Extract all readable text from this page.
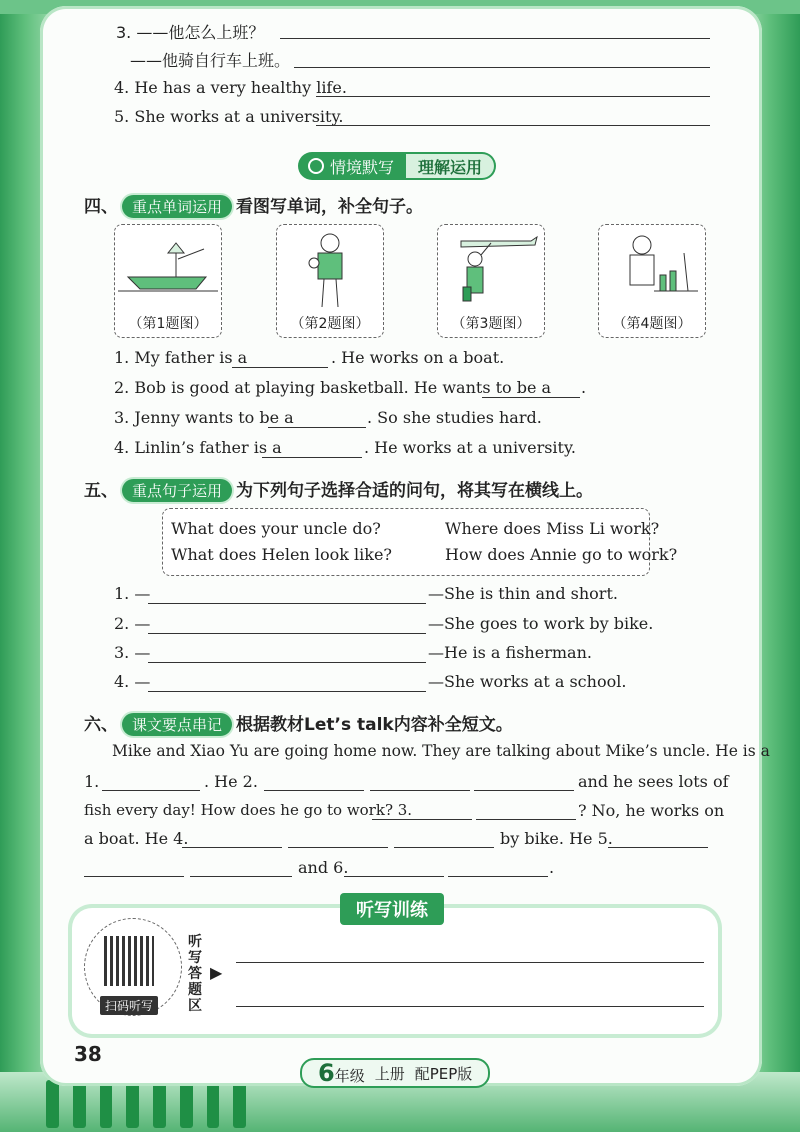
3. ——他怎么上班？
——他骑自行车上班。
4. He has a very healthy life.
5. She works at a university.
情境默写 理解运用
四、 重点单词运用 看图写单词，补全句子。
（第1题图）	（第2题图）	（第3题图）	（第4题图）
1. My father is a	. He works on a boat.
2. Bob is good at playing basketball. He wants to be a .
3. Jenny wants to be a	. So she studies hard.
4. Linlin’s father is a	. He works at a university.
五、 重点句子运用 为下列句子选择合适的问句，将其写在横线上。
What does your uncle do?	Where does Miss Li work?
What does Helen look like?	How does Annie go to work?
1. —	—She is thin and short.
2. —	—She goes to work by bike.
3. —	—He is a fisherman.
4. —	—She works at a school.
六、 课文要点串记 根据教材Let’s talk内容补全短文。
Mike and Xiao Yu are going home now. They are talking about Mike’s uncle. He is a
1.	. He 2.	and he sees lots of
fish every day! How does he go to work? 3.	? No, he works on
a boat. He 4.	by bike. He 5.
and 6.	.
听写训练
扫码听写
听写答题区
▶
38
6年级 上册 配PEP版
